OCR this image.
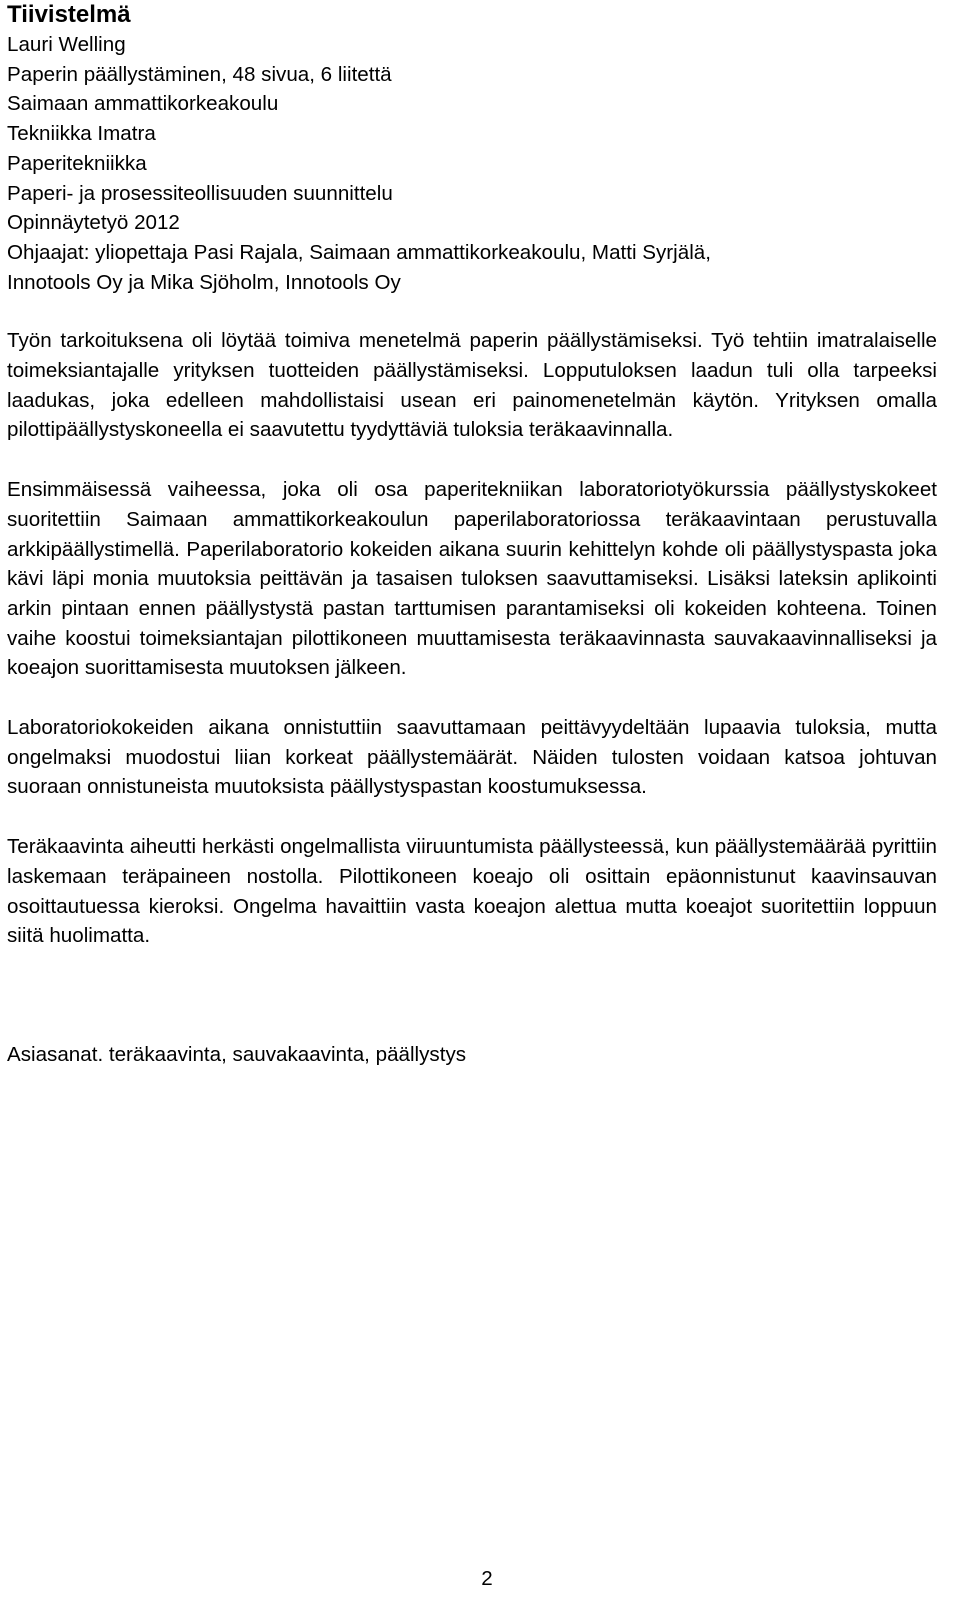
Tiivistelmä
Lauri Welling
Paperin päällystäminen, 48 sivua, 6 liitettä
Saimaan ammattikorkeakoulu
Tekniikka Imatra
Paperitekniikka
Paperi- ja prosessiteollisuuden suunnittelu
Opinnäytetyö 2012
Ohjaajat: yliopettaja Pasi Rajala, Saimaan ammattikorkeakoulu, Matti Syrjälä,
Innotools Oy ja Mika Sjöholm, Innotools Oy

Työn tarkoituksena oli löytää toimiva menetelmä paperin päällystämiseksi. Työ tehtiin imatralaiselle toimeksiantajalle yrityksen tuotteiden päällystämiseksi. Lopputuloksen laadun tuli olla tarpeeksi laadukas, joka edelleen mahdollistaisi usean eri painomenetelmän käytön. Yrityksen omalla pilottipäällystyskoneella ei saavutettu tyydyttäviä tuloksia teräkaavinnalla.

Ensimmäisessä vaiheessa, joka oli osa paperitekniikan laboratoriotyökurssia päällystyskokeet suoritettiin Saimaan ammattikorkeakoulun paperilaboratoriossa teräkaavintaan perustuvalla arkkipäällystimellä. Paperilaboratorio kokeiden aikana suurin kehittelyn kohde oli päällystyspasta joka kävi läpi monia muutoksia peittävän ja tasaisen tuloksen saavuttamiseksi. Lisäksi lateksin aplikointi arkin pintaan ennen päällystystä pastan tarttumisen parantamiseksi oli kokeiden kohteena. Toinen vaihe koostui toimeksiantajan pilottikoneen muuttamisesta teräkaavinnasta sauvakaavinnalliseksi ja koeajon suorittamisesta muutoksen jälkeen.

Laboratoriokokeiden aikana onnistuttiin saavuttamaan peittävyydeltään lupaavia tuloksia, mutta ongelmaksi muodostui liian korkeat päällystemäärät. Näiden tulosten voidaan katsoa johtuvan suoraan onnistuneista muutoksista päällystyspastan koostumuksessa.

Teräkaavinta aiheutti herkästi ongelmallista viiruuntumista päällysteessä, kun päällystemäärää pyrittiin laskemaan teräpaineen nostolla. Pilottikoneen koeajo oli osittain epäonnistunut kaavinsauvan osoittautuessa kieroksi. Ongelma havaittiin vasta koeajon alettua mutta koeajot suoritettiin loppuun siitä huolimatta.

Asiasanat. teräkaavinta, sauvakaavinta, päällystys

2
